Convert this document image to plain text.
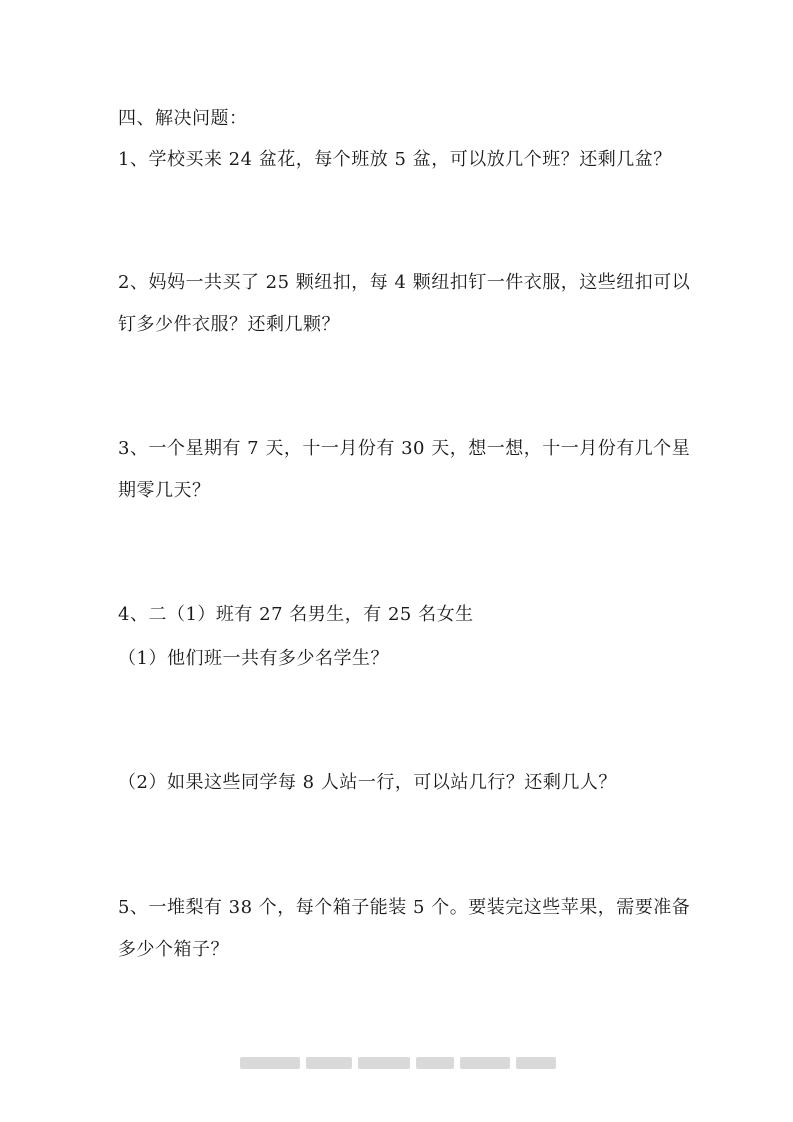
四、解决问题：
1、学校买来 24 盆花，每个班放 5 盆，可以放几个班？还剩几盆？
2、妈妈一共买了 25 颗纽扣，每 4 颗纽扣钉一件衣服，这些纽扣可以
钉多少件衣服？还剩几颗？
3、一个星期有 7 天，十一月份有 30 天，想一想，十一月份有几个星
期零几天？
4、二（1）班有 27 名男生，有 25 名女生
（1）他们班一共有多少名学生？
（2）如果这些同学每 8 人站一行，可以站几行？还剩几人？
5、一堆梨有 38 个，每个箱子能装 5 个。要装完这些苹果，需要准备
多少个箱子？
